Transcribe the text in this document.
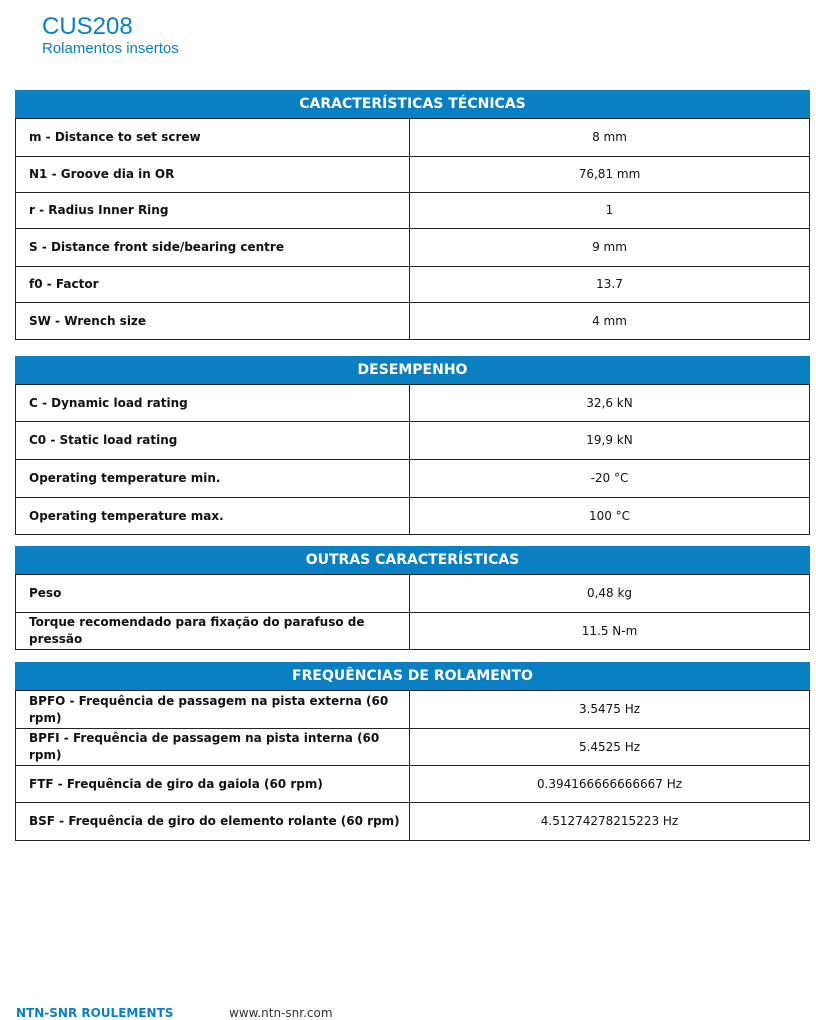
CUS208
Rolamentos insertos
CARACTERÍSTICAS TÉCNICAS
m - Distance to set screw	8 mm
N1 - Groove dia in OR	76,81 mm
r - Radius Inner Ring	1
S - Distance front side/bearing centre	9 mm
f0 - Factor	13.7
SW - Wrench size	4 mm
DESEMPENHO
C - Dynamic load rating	32,6 kN
C0 - Static load rating	19,9 kN
Operating temperature min.	-20 °C
Operating temperature max.	100 °C
OUTRAS CARACTERÍSTICAS
Peso	0,48 kg
Torque recomendado para fixação do parafuso de pressão	11.5 N-m
FREQUÊNCIAS DE ROLAMENTO
BPFO - Frequência de passagem na pista externa (60 rpm)	3.5475 Hz
BPFI - Frequência de passagem na pista interna (60 rpm)	5.4525 Hz
FTF - Frequência de giro da gaiola (60 rpm)	0.394166666666667 Hz
BSF - Frequência de giro do elemento rolante (60 rpm)	4.51274278215223 Hz
NTN-SNR ROULEMENTS	www.ntn-snr.com
